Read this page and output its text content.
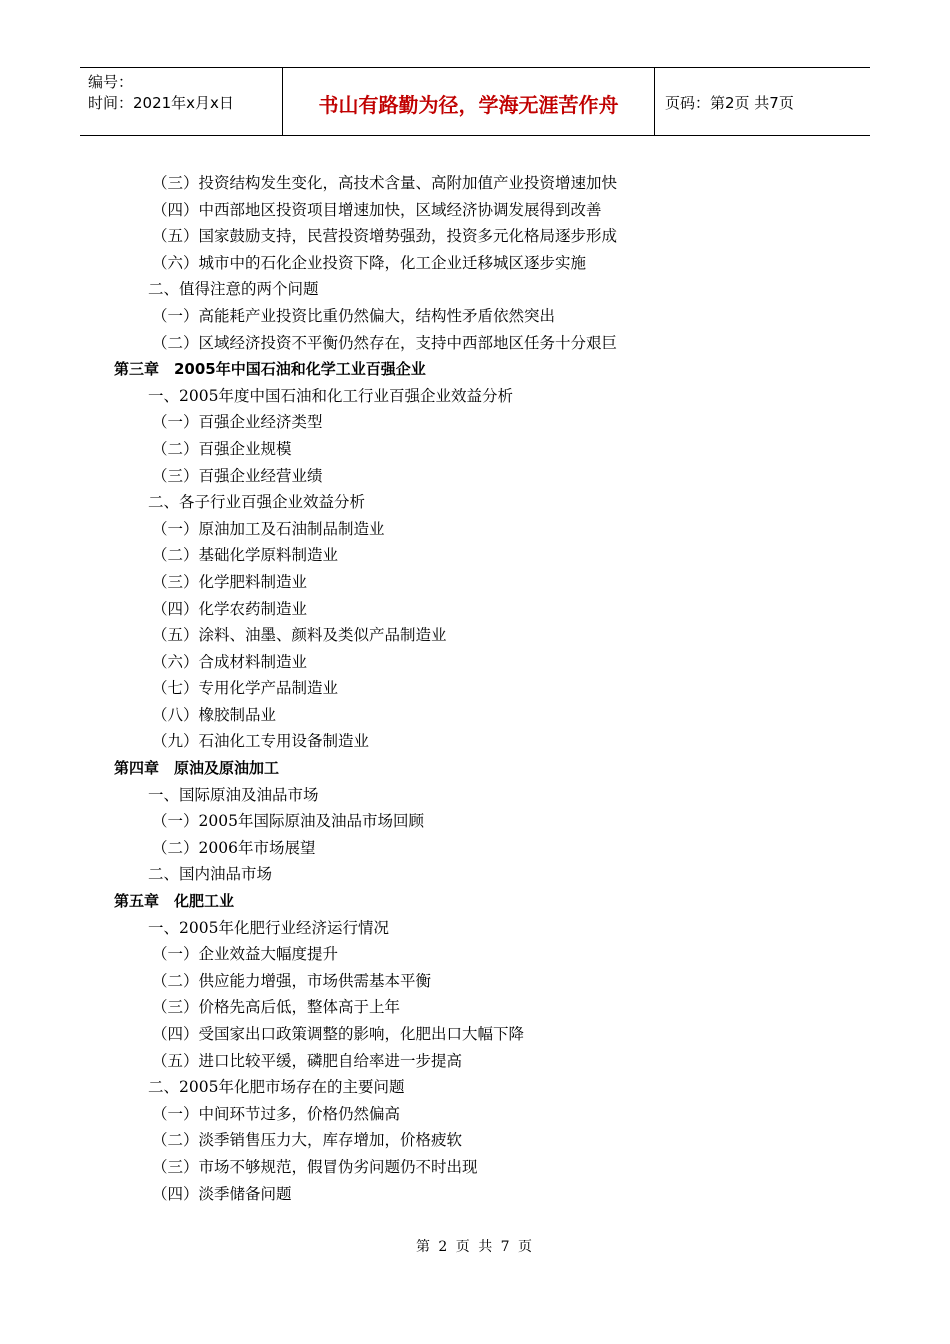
编号：
时间：2021年x月x日	书山有路勤为径，学海无涯苦作舟	页码：第2页 共7页
（三）投资结构发生变化，高技术含量、高附加值产业投资增速加快
（四）中西部地区投资项目增速加快，区域经济协调发展得到改善
（五）国家鼓励支持，民营投资增势强劲，投资多元化格局逐步形成
（六）城市中的石化企业投资下降，化工企业迁移城区逐步实施
二、值得注意的两个问题
（一）高能耗产业投资比重仍然偏大，结构性矛盾依然突出
（二）区域经济投资不平衡仍然存在，支持中西部地区任务十分艰巨
第三章　2005年中国石油和化学工业百强企业
一、2005年度中国石油和化工行业百强企业效益分析
（一）百强企业经济类型
（二）百强企业规模
（三）百强企业经营业绩
二、各子行业百强企业效益分析
（一）原油加工及石油制品制造业
（二）基础化学原料制造业
（三）化学肥料制造业
（四）化学农药制造业
（五）涂料、油墨、颜料及类似产品制造业
（六）合成材料制造业
（七）专用化学产品制造业
（八）橡胶制品业
（九）石油化工专用设备制造业
第四章　原油及原油加工
一、国际原油及油品市场
（一）2005年国际原油及油品市场回顾
（二）2006年市场展望
二、国内油品市场
第五章　化肥工业
一、2005年化肥行业经济运行情况
（一）企业效益大幅度提升
（二）供应能力增强，市场供需基本平衡
（三）价格先高后低，整体高于上年
（四）受国家出口政策调整的影响，化肥出口大幅下降
（五）进口比较平缓，磷肥自给率进一步提高
二、2005年化肥市场存在的主要问题
（一）中间环节过多，价格仍然偏高
（二）淡季销售压力大，库存增加，价格疲软
（三）市场不够规范，假冒伪劣问题仍不时出现
（四）淡季储备问题
第 2 页 共 7 页
